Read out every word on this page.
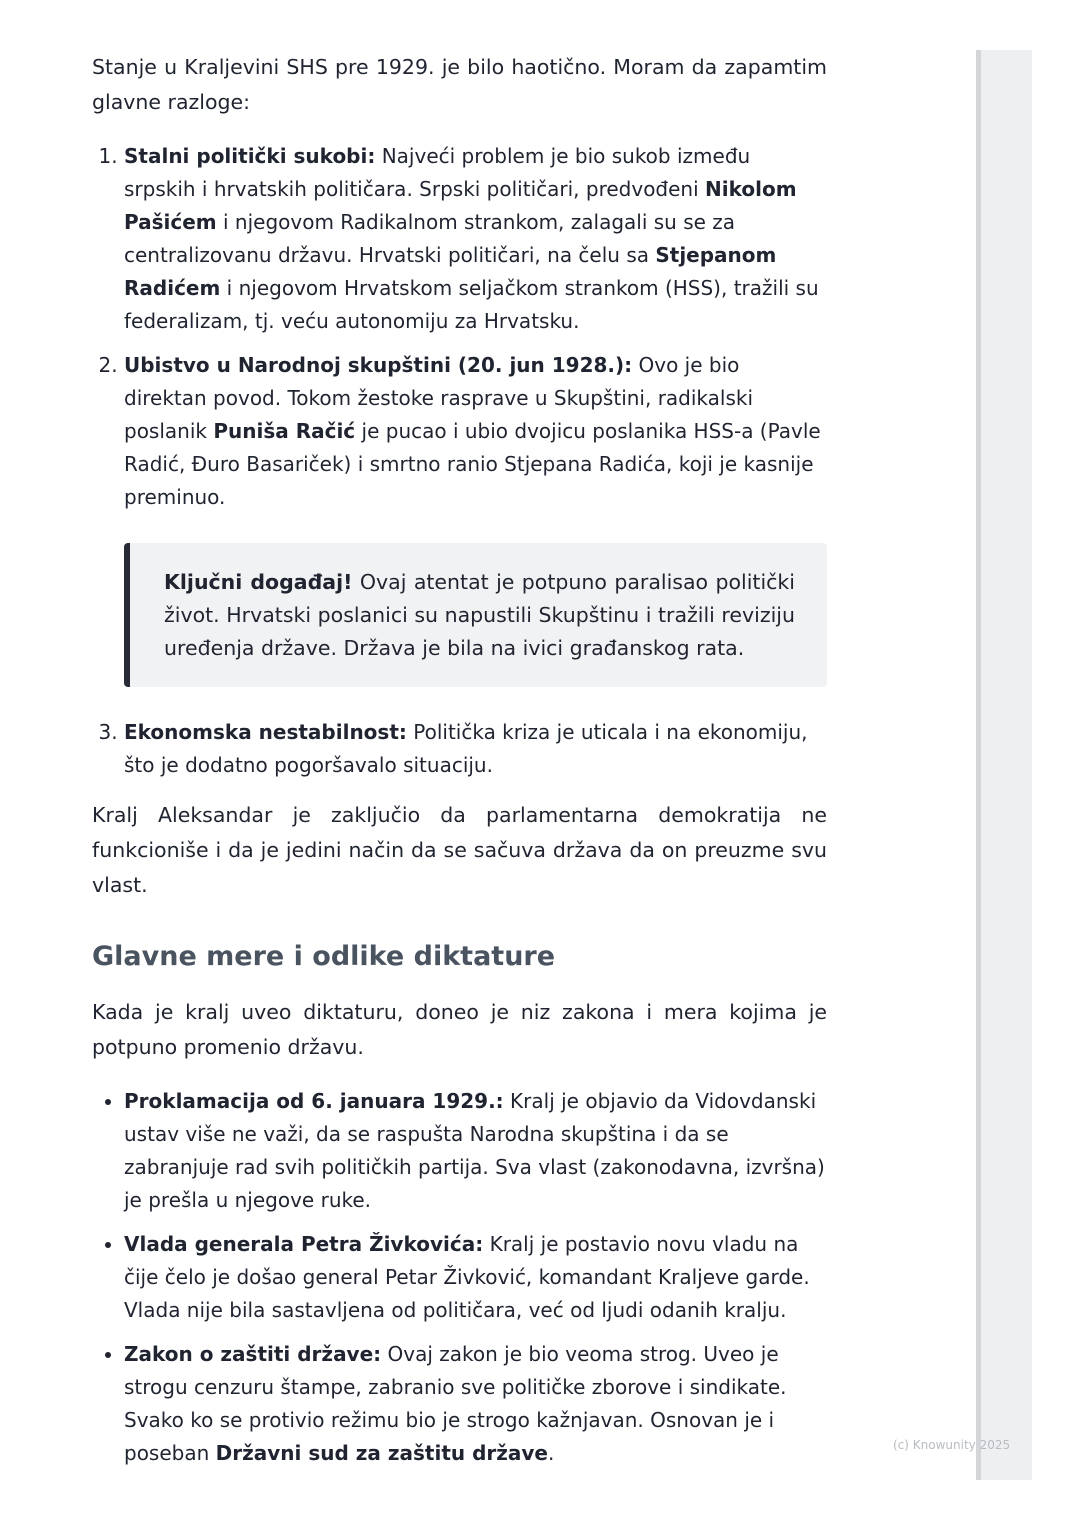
Stanje u Kraljevini SHS pre 1929. je bilo haotično. Moram da zapamtim glavne razloge:

1. Stalni politički sukobi: Najveći problem je bio sukob između srpskih i hrvatskih političara. Srpski političari, predvođeni Nikolom Pašićem i njegovom Radikalnom strankom, zalagali su se za centralizovanu državu. Hrvatski političari, na čelu sa Stjepanom Radićem i njegovom Hrvatskom seljačkom strankom (HSS), tražili su federalizam, tj. veću autonomiju za Hrvatsku.
2. Ubistvo u Narodnoj skupštini (20. jun 1928.): Ovo je bio direktan povod. Tokom žestoke rasprave u Skupštini, radikalski poslanik Puniša Račić je pucao i ubio dvojicu poslanika HSS-a (Pavle Radić, Đuro Basariček) i smrtno ranio Stjepana Radića, koji je kasnije preminuo.

Ključni događaj! Ovaj atentat je potpuno paralisao politički život. Hrvatski poslanici su napustili Skupštinu i tražili reviziju uređenja države. Država je bila na ivici građanskog rata.

3. Ekonomska nestabilnost: Politička kriza je uticala i na ekonomiju, što je dodatno pogoršavalo situaciju.

Kralj Aleksandar je zaključio da parlamentarna demokratija ne funkcioniše i da je jedini način da se sačuva država da on preuzme svu vlast.

Glavne mere i odlike diktature

Kada je kralj uveo diktaturu, doneo je niz zakona i mera kojima je potpuno promenio državu.

• Proklamacija od 6. januara 1929.: Kralj je objavio da Vidovdanski ustav više ne važi, da se raspušta Narodna skupština i da se zabranjuje rad svih političkih partija. Sva vlast (zakonodavna, izvršna) je prešla u njegove ruke.
• Vlada generala Petra Živkovića: Kralj je postavio novu vladu na čije čelo je došao general Petar Živković, komandant Kraljeve garde. Vlada nije bila sastavljena od političara, već od ljudi odanih kralju.
• Zakon o zaštiti države: Ovaj zakon je bio veoma strog. Uveo je strogu cenzuru štampe, zabranio sve političke zborove i sindikate. Svako ko se protivio režimu bio je strogo kažnjavan. Osnovan je i poseban Državni sud za zaštitu države.	(c) Knowunity 2025
